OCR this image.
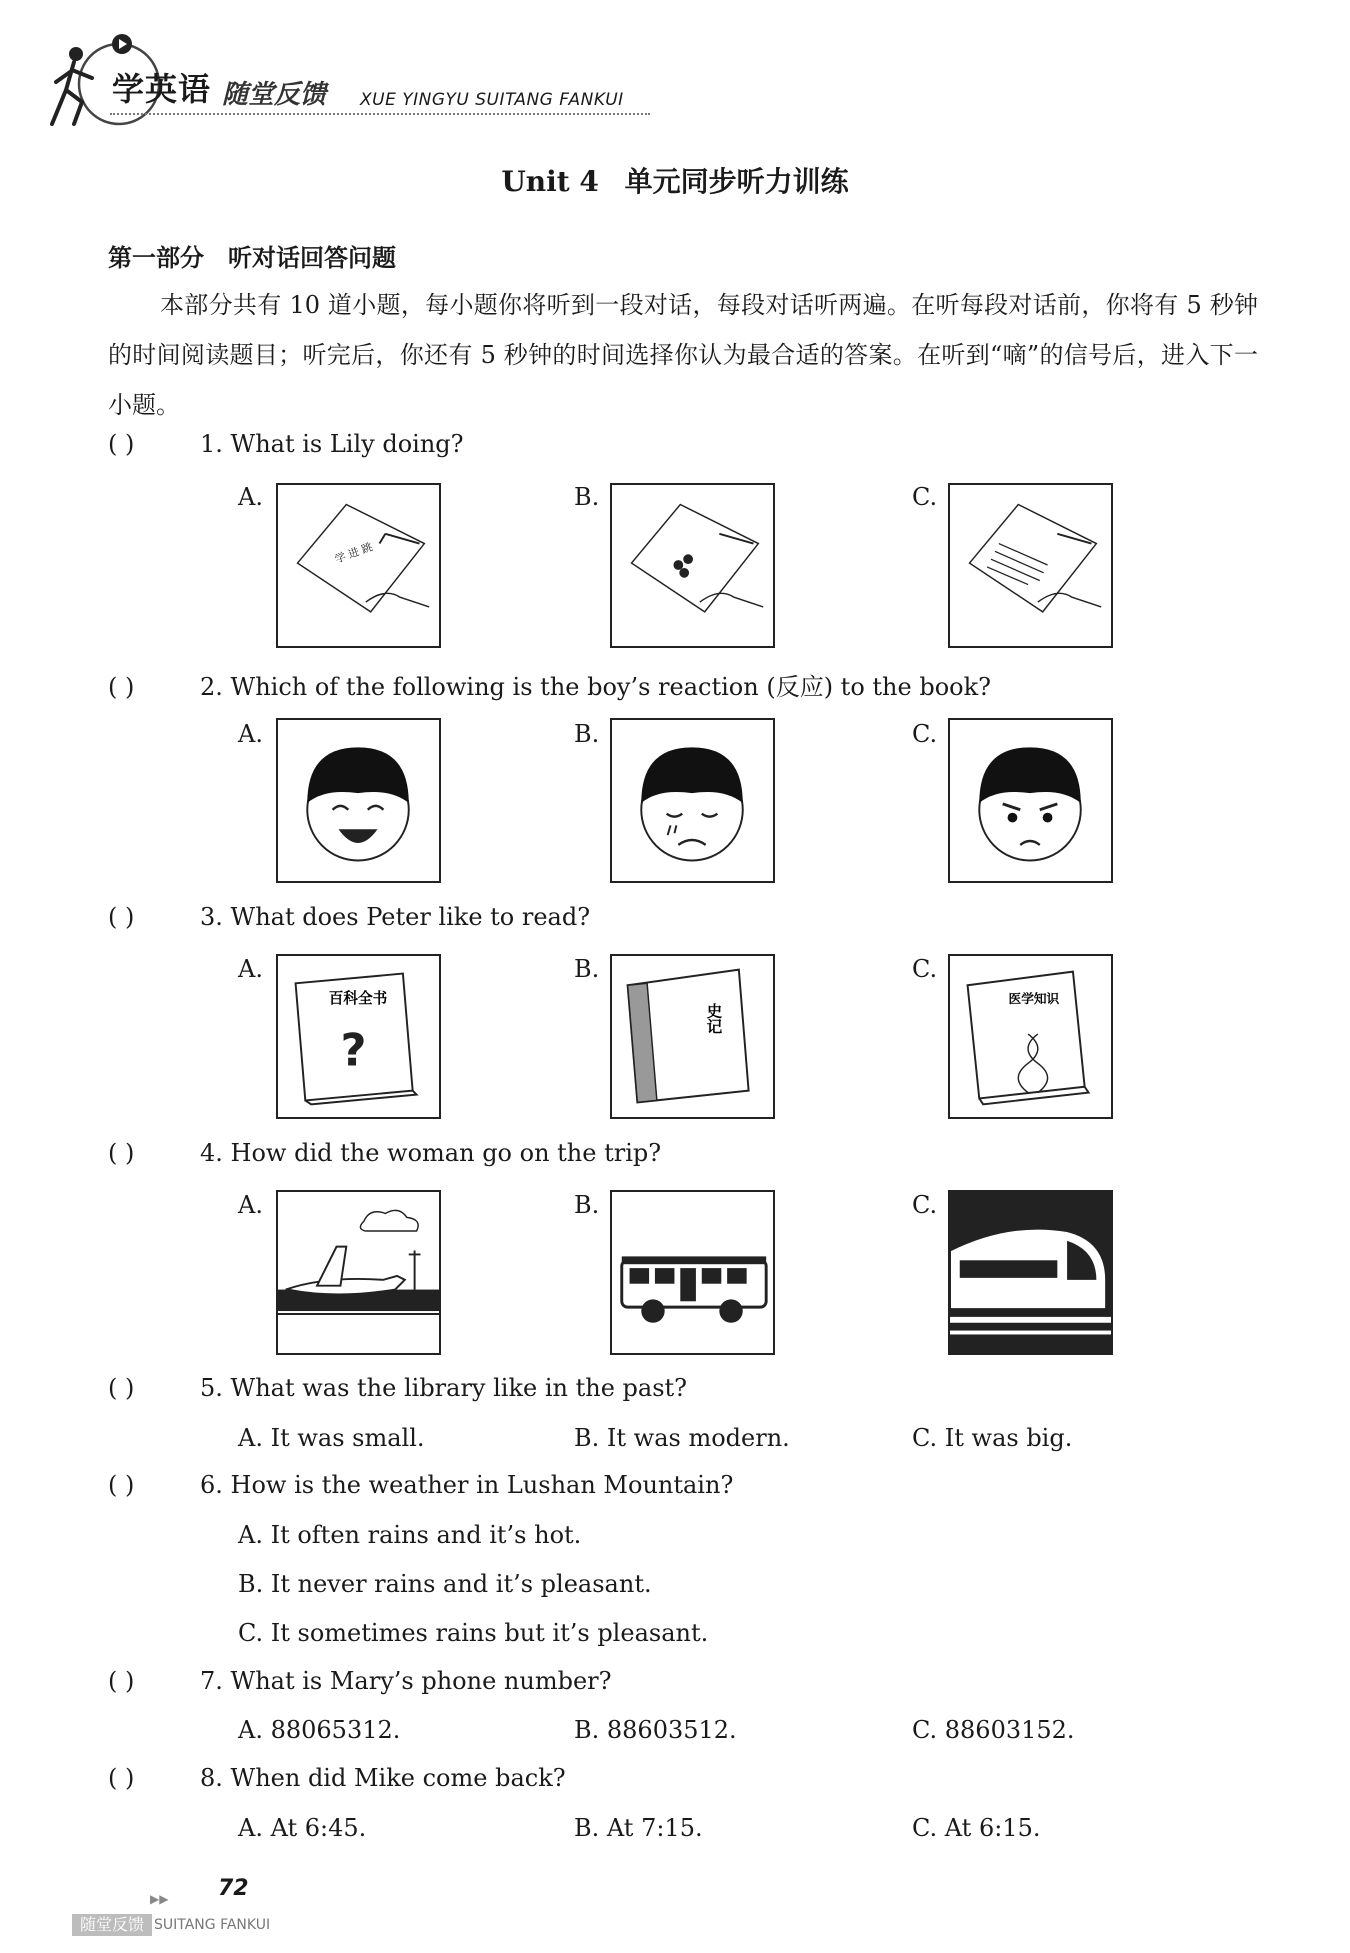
学英语 随堂反馈 XUE YINGYU SUITANG FANKUI
Unit 4 单元同步听力训练
第一部分 听对话回答问题
本部分共有 10 道小题，每小题你将听到一段对话，每段对话听两遍。在听每段对话前，你将有 5 秒钟的时间阅读题目；听完后，你还有 5 秒钟的时间选择你认为最合适的答案。在听到“嘀”的信号后，进入下一小题。
( )	1. What is Lily doing?
A.	B.	C.
学 进 跳
( )	2. Which of the following is the boy’s reaction (反应) to the book?
A.	B.	C.
( )	3. What does Peter like to read?
A.	B.	C.
百科全书
?
史记
医学知识
( )	4. How did the woman go on the trip?
A.	B.	C.
( )	5. What was the library like in the past?
A. It was small.	B. It was modern.	C. It was big.
( )	6. How is the weather in Lushan Mountain?
A. It often rains and it’s hot.
B. It never rains and it’s pleasant.
C. It sometimes rains but it’s pleasant.
( )	7. What is Mary’s phone number?
A. 88065312.	B. 88603512.	C. 88603152.
( )	8. When did Mike come back?
A. At 6:45.	B. At 7:15.	C. At 6:15.
▶▶ 72
随堂反馈 SUITANG FANKUI
